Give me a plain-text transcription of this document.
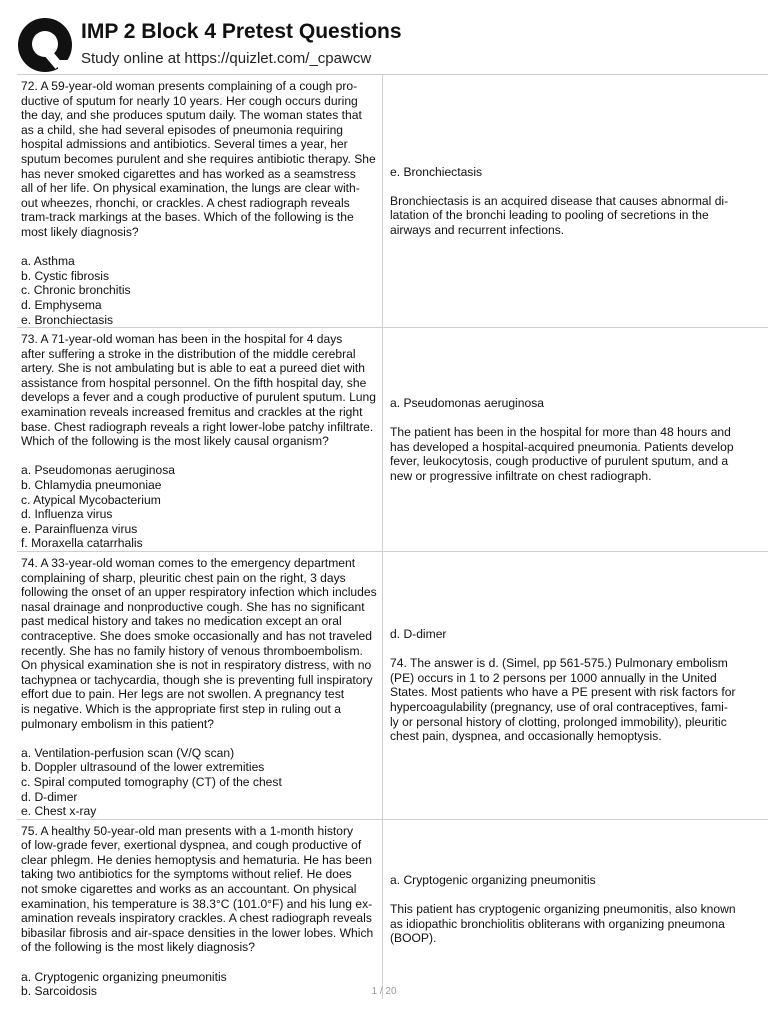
IMP 2 Block 4 Pretest Questions
Study online at https://quizlet.com/_cpawcw
72. A 59-year-old woman presents complaining of a cough pro-
ductive of sputum for nearly 10 years. Her cough occurs during
the day, and she produces sputum daily. The woman states that
as a child, she had several episodes of pneumonia requiring
hospital admissions and antibiotics. Several times a year, her
sputum becomes purulent and she requires antibiotic therapy. She
has never smoked cigarettes and has worked as a seamstress
all of her life. On physical examination, the lungs are clear with-
out wheezes, rhonchi, or crackles. A chest radiograph reveals
tram-track markings at the bases. Which of the following is the
most likely diagnosis?
a. Asthma
b. Cystic fibrosis
c. Chronic bronchitis
d. Emphysema
e. Bronchiectasis
e. Bronchiectasis
Bronchiectasis is an acquired disease that causes abnormal di-
latation of the bronchi leading to pooling of secretions in the
airways and recurrent infections.
73. A 71-year-old woman has been in the hospital for 4 days
after suffering a stroke in the distribution of the middle cerebral
artery. She is not ambulating but is able to eat a pureed diet with
assistance from hospital personnel. On the fifth hospital day, she
develops a fever and a cough productive of purulent sputum. Lung
examination reveals increased fremitus and crackles at the right
base. Chest radiograph reveals a right lower-lobe patchy infiltrate.
Which of the following is the most likely causal organism?
a. Pseudomonas aeruginosa
b. Chlamydia pneumoniae
c. Atypical Mycobacterium
d. Influenza virus
e. Parainfluenza virus
f. Moraxella catarrhalis
a. Pseudomonas aeruginosa
The patient has been in the hospital for more than 48 hours and
has developed a hospital-acquired pneumonia. Patients develop
fever, leukocytosis, cough productive of purulent sputum, and a
new or progressive infiltrate on chest radiograph.
74. A 33-year-old woman comes to the emergency department
complaining of sharp, pleuritic chest pain on the right, 3 days
following the onset of an upper respiratory infection which includes
nasal drainage and nonproductive cough. She has no significant
past medical history and takes no medication except an oral
contraceptive. She does smoke occasionally and has not traveled
recently. She has no family history of venous thromboembolism.
On physical examination she is not in respiratory distress, with no
tachypnea or tachycardia, though she is preventing full inspiratory
effort due to pain. Her legs are not swollen. A pregnancy test
is negative. Which is the appropriate first step in ruling out a
pulmonary embolism in this patient?
a. Ventilation-perfusion scan (V/Q scan)
b. Doppler ultrasound of the lower extremities
c. Spiral computed tomography (CT) of the chest
d. D-dimer
e. Chest x-ray
d. D-dimer
74. The answer is d. (Simel, pp 561-575.) Pulmonary embolism
(PE) occurs in 1 to 2 persons per 1000 annually in the United
States. Most patients who have a PE present with risk factors for
hypercoagulability (pregnancy, use of oral contraceptives, fami-
ly or personal history of clotting, prolonged immobility), pleuritic
chest pain, dyspnea, and occasionally hemoptysis.
75. A healthy 50-year-old man presents with a 1-month history
of low-grade fever, exertional dyspnea, and cough productive of
clear phlegm. He denies hemoptysis and hematuria. He has been
taking two antibiotics for the symptoms without relief. He does
not smoke cigarettes and works as an accountant. On physical
examination, his temperature is 38.3°C (101.0°F) and his lung ex-
amination reveals inspiratory crackles. A chest radiograph reveals
bibasilar fibrosis and air-space densities in the lower lobes. Which
of the following is the most likely diagnosis?
a. Cryptogenic organizing pneumonitis
b. Sarcoidosis
a. Cryptogenic organizing pneumonitis
This patient has cryptogenic organizing pneumonitis, also known
as idiopathic bronchiolitis obliterans with organizing pneumona
(BOOP).
1 / 20
